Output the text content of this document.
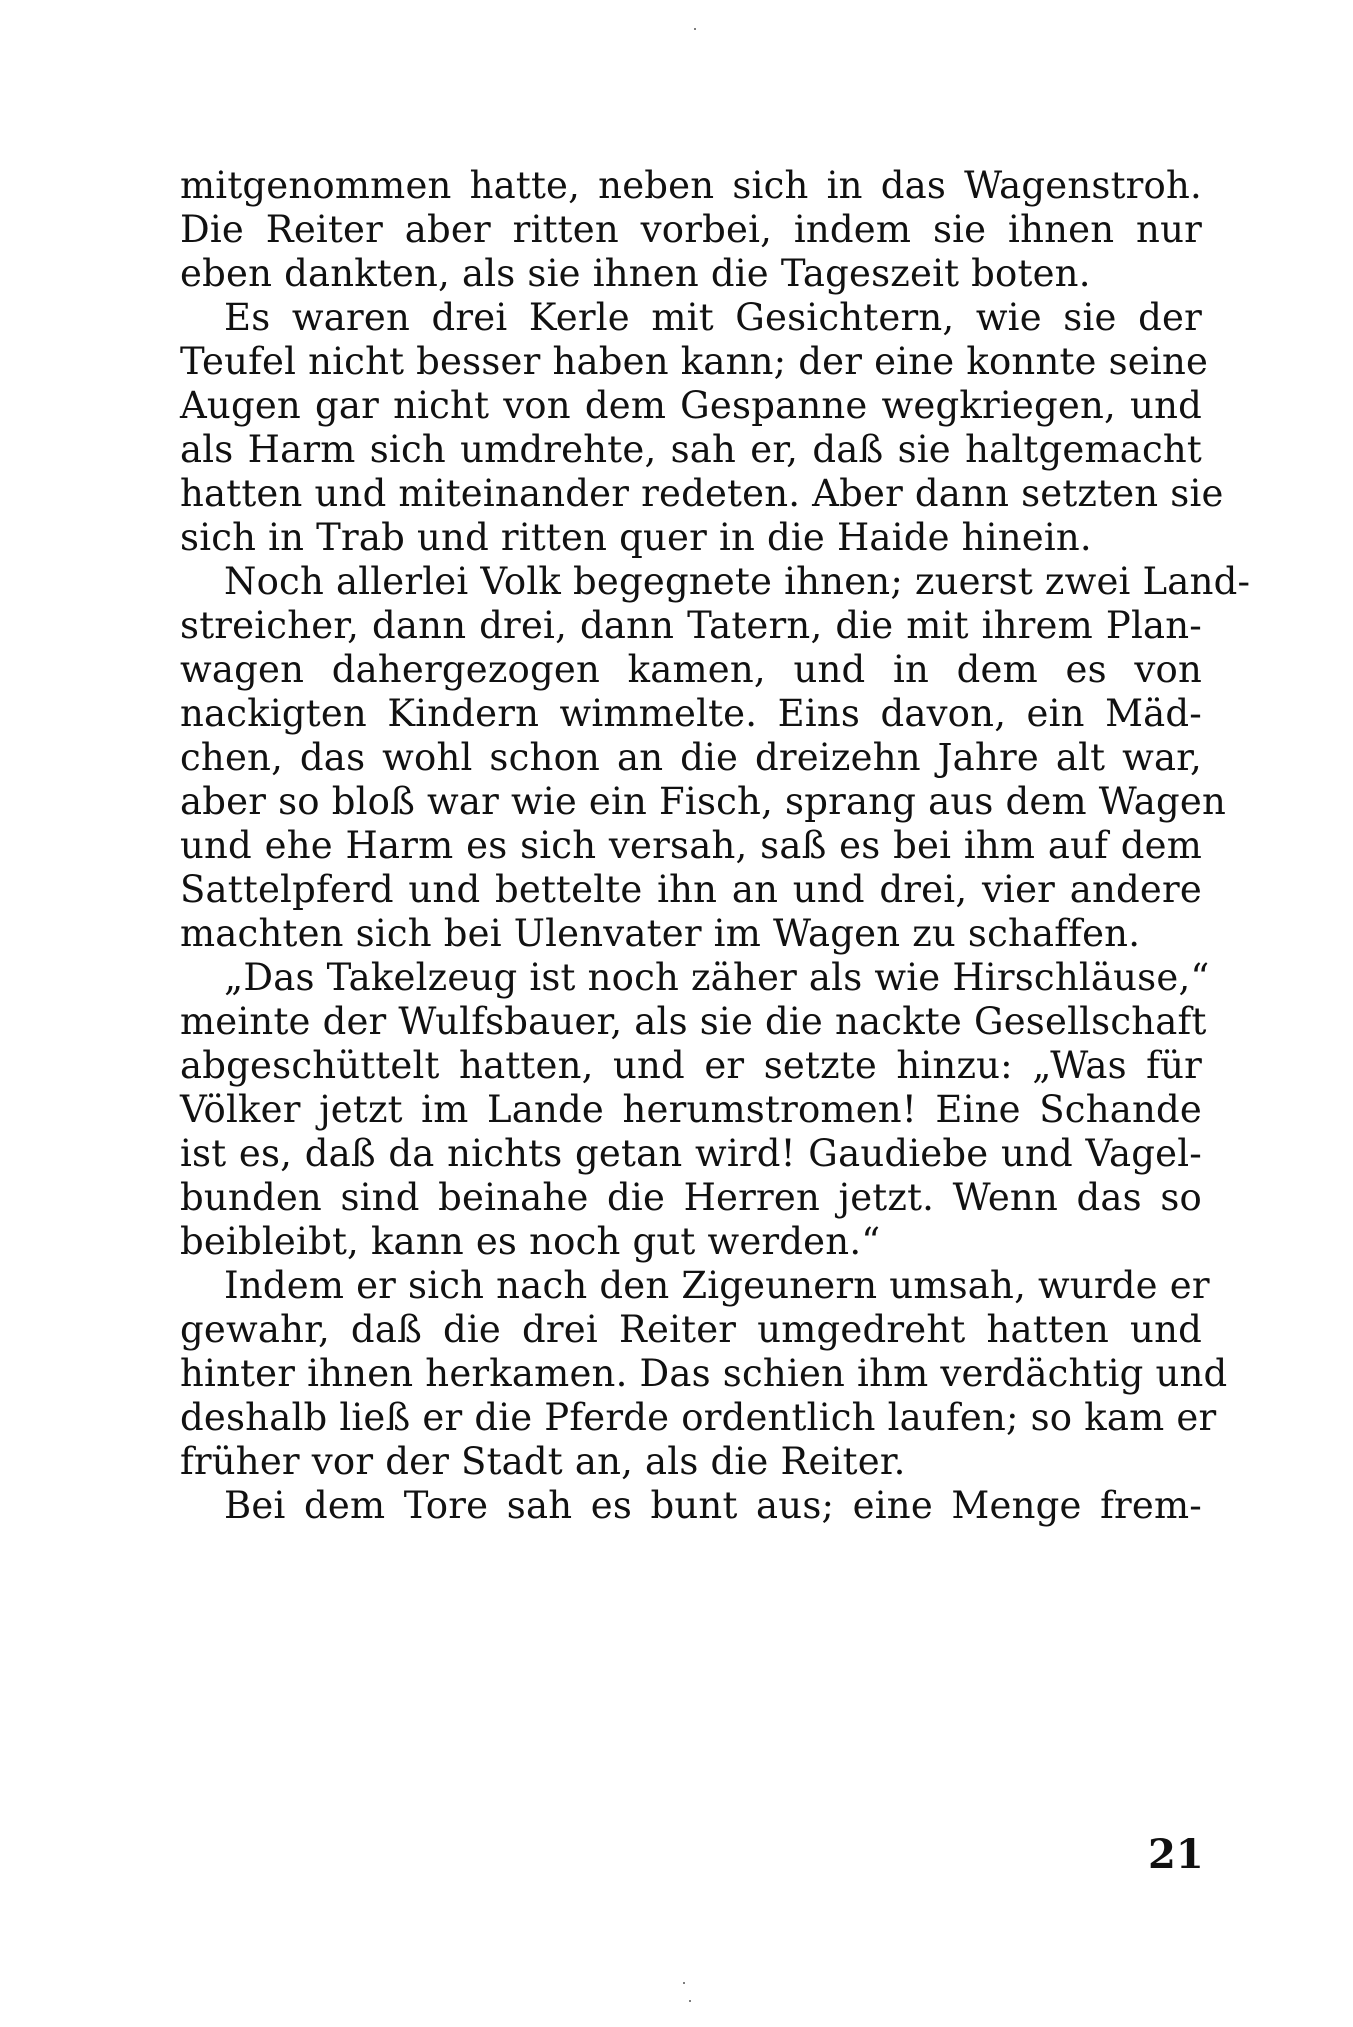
mitgenommen hatte, neben sich in das Wagenstroh.
Die Reiter aber ritten vorbei, indem sie ihnen nur
eben dankten, als sie ihnen die Tageszeit boten.
Es waren drei Kerle mit Gesichtern, wie sie der
Teufel nicht besser haben kann; der eine konnte seine
Augen gar nicht von dem Gespanne wegkriegen, und
als Harm sich umdrehte, sah er, daß sie haltgemacht
hatten und miteinander redeten. Aber dann setzten sie
sich in Trab und ritten quer in die Haide hinein.
Noch allerlei Volk begegnete ihnen; zuerst zwei Land-
streicher, dann drei, dann Tatern, die mit ihrem Plan-
wagen dahergezogen kamen, und in dem es von
nackigten Kindern wimmelte. Eins davon, ein Mäd-
chen, das wohl schon an die dreizehn Jahre alt war,
aber so bloß war wie ein Fisch, sprang aus dem Wagen
und ehe Harm es sich versah, saß es bei ihm auf dem
Sattelpferd und bettelte ihn an und drei, vier andere
machten sich bei Ulenvater im Wagen zu schaffen.
„Das Takelzeug ist noch zäher als wie Hirschläuse,“
meinte der Wulfsbauer, als sie die nackte Gesellschaft
abgeschüttelt hatten, und er setzte hinzu: „Was für
Völker jetzt im Lande herumstromen! Eine Schande
ist es, daß da nichts getan wird! Gaudiebe und Vagel-
bunden sind beinahe die Herren jetzt. Wenn das so
beibleibt, kann es noch gut werden.“
Indem er sich nach den Zigeunern umsah, wurde er
gewahr, daß die drei Reiter umgedreht hatten und
hinter ihnen herkamen. Das schien ihm verdächtig und
deshalb ließ er die Pferde ordentlich laufen; so kam er
früher vor der Stadt an, als die Reiter.
Bei dem Tore sah es bunt aus; eine Menge frem-
21
